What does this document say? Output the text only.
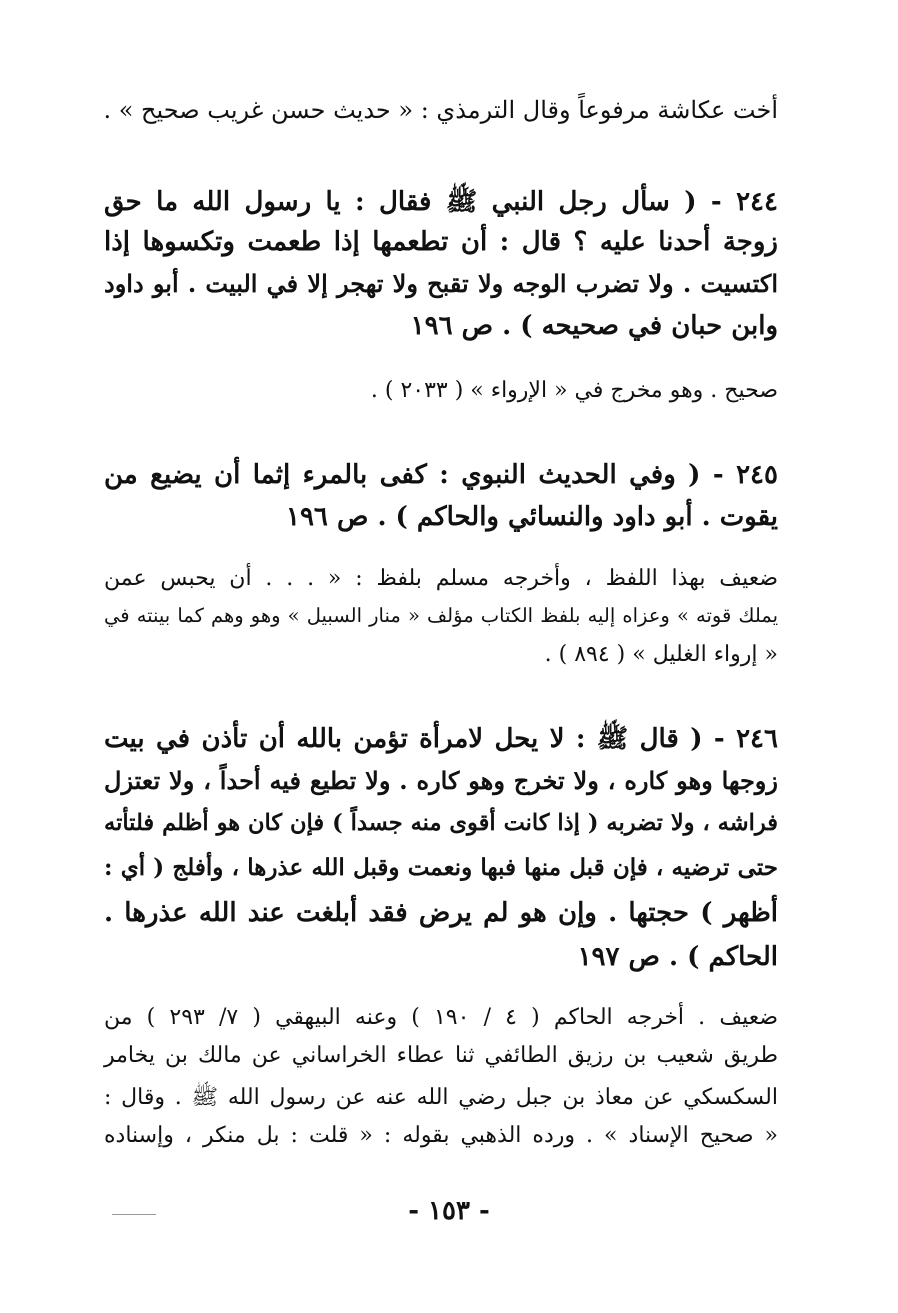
أخت عكاشة مرفوعاً وقال الترمذي : « حديث حسن غريب صحيح » .
٢٤٤ - ( سأل رجل النبي ﷺ فقال : يا رسول الله ما حق
زوجة أحدنا عليه ؟ قال : أن تطعمها إذا طعمت وتكسوها إذا
اكتسيت . ولا تضرب الوجه ولا تقبح ولا تهجر إلا في البيت . أبو داود
وابن حبان في صحيحه ) . ص ١٩٦
صحيح . وهو مخرج في « الإرواء » ( ٢٠٣٣ ) .
٢٤٥ - ( وفي الحديث النبوي : كفى بالمرء إثما أن يضيع من
يقوت . أبو داود والنسائي والحاكم ) . ص ١٩٦
ضعيف بهذا اللفظ ، وأخرجه مسلم بلفظ : « . . . أن يحبس عمن
يملك قوته » وعزاه إليه بلفظ الكتاب مؤلف « منار السبيل » وهو وهم كما بينته في
« إرواء الغليل » ( ٨٩٤ ) .
٢٤٦ - ( قال ﷺ : لا يحل لامرأة تؤمن بالله أن تأذن في بيت
زوجها وهو كاره ، ولا تخرج وهو كاره . ولا تطيع فيه أحداً ، ولا تعتزل
فراشه ، ولا تضربه ( إذا كانت أقوى منه جسداً ) فإن كان هو أظلم فلتأته
حتى ترضيه ، فإن قبل منها فبها ونعمت وقبل الله عذرها ، وأفلج ( أي :
أظهر ) حجتها . وإن هو لم يرض فقد أبلغت عند الله عذرها .
الحاكم ) . ص ١٩٧
ضعيف . أخرجه الحاكم ( ٤ / ١٩٠ ) وعنه البيهقي ( ٧/ ٢٩٣ ) من
طريق شعيب بن رزيق الطائفي ثنا عطاء الخراساني عن مالك بن يخامر
السكسكي عن معاذ بن جبل رضي الله عنه عن رسول الله ﷺ . وقال :
« صحيح الإسناد » . ورده الذهبي بقوله : « قلت : بل منكر ، وإسناده
- ١٥٣ -
